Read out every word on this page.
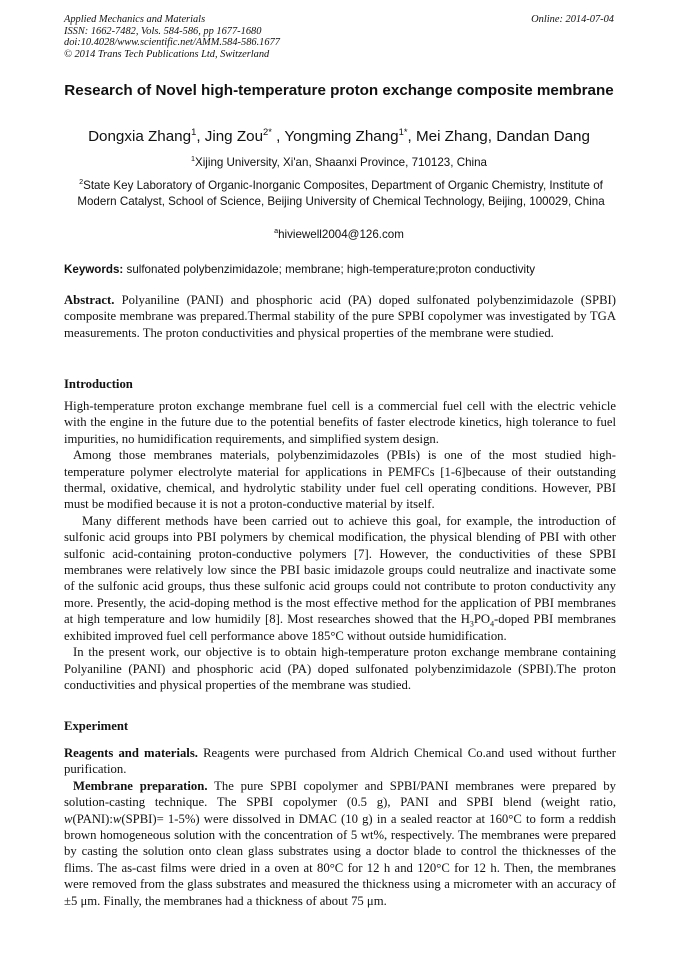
Applied Mechanics and Materials
ISSN: 1662-7482, Vols. 584-586, pp 1677-1680
doi:10.4028/www.scientific.net/AMM.584-586.1677
© 2014 Trans Tech Publications Ltd, Switzerland
Online: 2014-07-04
Research of Novel high-temperature proton exchange composite membrane
Dongxia Zhang$^1$, Jing Zou$^{2*}$ , Yongming Zhang$^{1*}$, Mei Zhang, Dandan Dang
$^1$Xijing University, Xi'an, Shaanxi Province, 710123, China
$^2$State Key Laboratory of Organic-Inorganic Composites, Department of Organic Chemistry, Institute of Modern Catalyst, School of Science, Beijing University of Chemical Technology, Beijing, 100029, China
$^a$hiviewell2004@126.com
Keywords: sulfonated polybenzimidazole; membrane; high-temperature;proton conductivity

Abstract. Polyaniline (PANI) and phosphoric acid (PA) doped sulfonated polybenzimidazole (SPBI) composite membrane was prepared.Thermal stability of the pure SPBI copolymer was investigated by TGA measurements. The proton conductivities and physical properties of the membrane were studied.

Introduction

High-temperature proton exchange membrane fuel cell is a commercial fuel cell with the electric vehicle with the engine in the future due to the potential benefits of faster electrode kinetics, high tolerance to fuel impurities, no humidification requirements, and simplified system design.

Among those membranes materials, polybenzimidazoles (PBIs) is one of the most studied high-temperature polymer electrolyte material for applications in PEMFCs [1-6]because of their outstanding thermal, oxidative, chemical, and hydrolytic stability under fuel cell operating conditions. However, PBI must be modified because it is not a proton-conductive material by itself.

Many different methods have been carried out to achieve this goal, for example, the introduction of sulfonic acid groups into PBI polymers by chemical modification, the physical blending of PBI with other sulfonic acid-containing proton-conductive polymers [7]. However, the conductivities of these SPBI membranes were relatively low since the PBI basic imidazole groups could neutralize and inactivate some of the sulfonic acid groups, thus these sulfonic acid groups could not contribute to proton conductivity any more. Presently, the acid-doping method is the most effective method for the application of PBI membranes at high temperature and low humidily [8]. Most researches showed that the $H_3PO_4$-doped PBI membranes exhibited improved fuel cell performance above 185°C without outside humidification.

In the present work, our objective is to obtain high-temperature proton exchange membrane containing Polyaniline (PANI) and phosphoric acid (PA) doped sulfonated polybenzimidazole (SPBI).The proton conductivities and physical properties of the membrane was studied.

Experiment

Reagents and materials. Reagents were purchased from Aldrich Chemical Co.and used without further purification.

Membrane preparation. The pure SPBI copolymer and SPBI/PANI membranes were prepared by solution-casting technique. The SPBI copolymer (0.5 g), PANI and SPBI blend (weight ratio, w(PANI):w(SPBI)= 1-5%) were dissolved in DMAC (10 g) in a sealed reactor at 160°C to form a reddish brown homogeneous solution with the concentration of 5 wt%, respectively. The membranes were prepared by casting the solution onto clean glass substrates using a doctor blade to control the thicknesses of the flims. The as-cast films were dried in a oven at 80°C for 12 h and 120°C for 12 h. Then, the membranes were removed from the glass substrates and measured the thickness using a micrometer with an accuracy of ±5 μm. Finally, the membranes had a thickness of about 75 μm.
